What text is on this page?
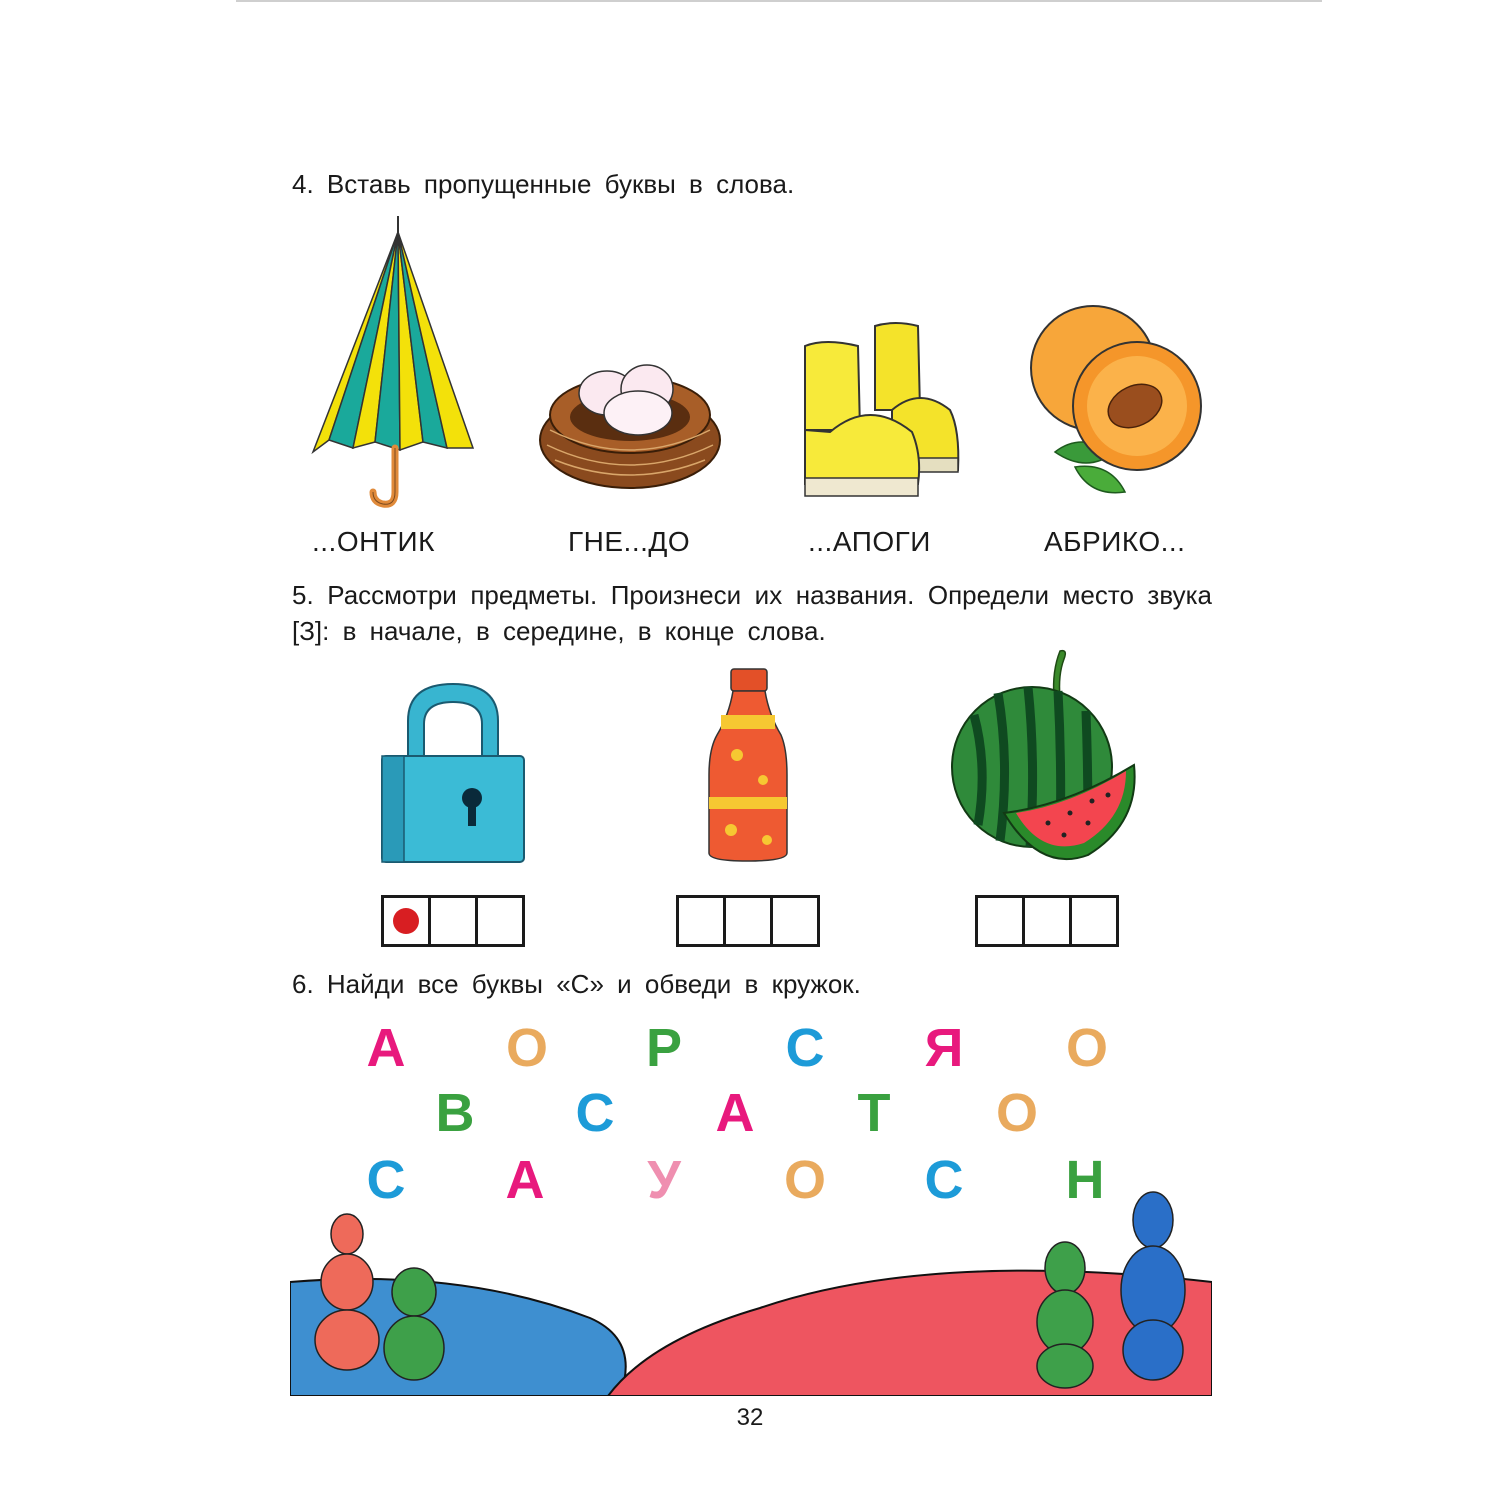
4. Вставь пропущенные буквы в слова.
...ОНТИК	ГНЕ...ДО	...АПОГИ	АБРИКО...
5. Рассмотри предметы. Произнеси их названия. Определи место звука [З]: в начале, в середине, в конце слова.
6. Найди все буквы «С» и обведи в кружок.
А О Р С Я О
В С А Т О
С А У О С Н
32
